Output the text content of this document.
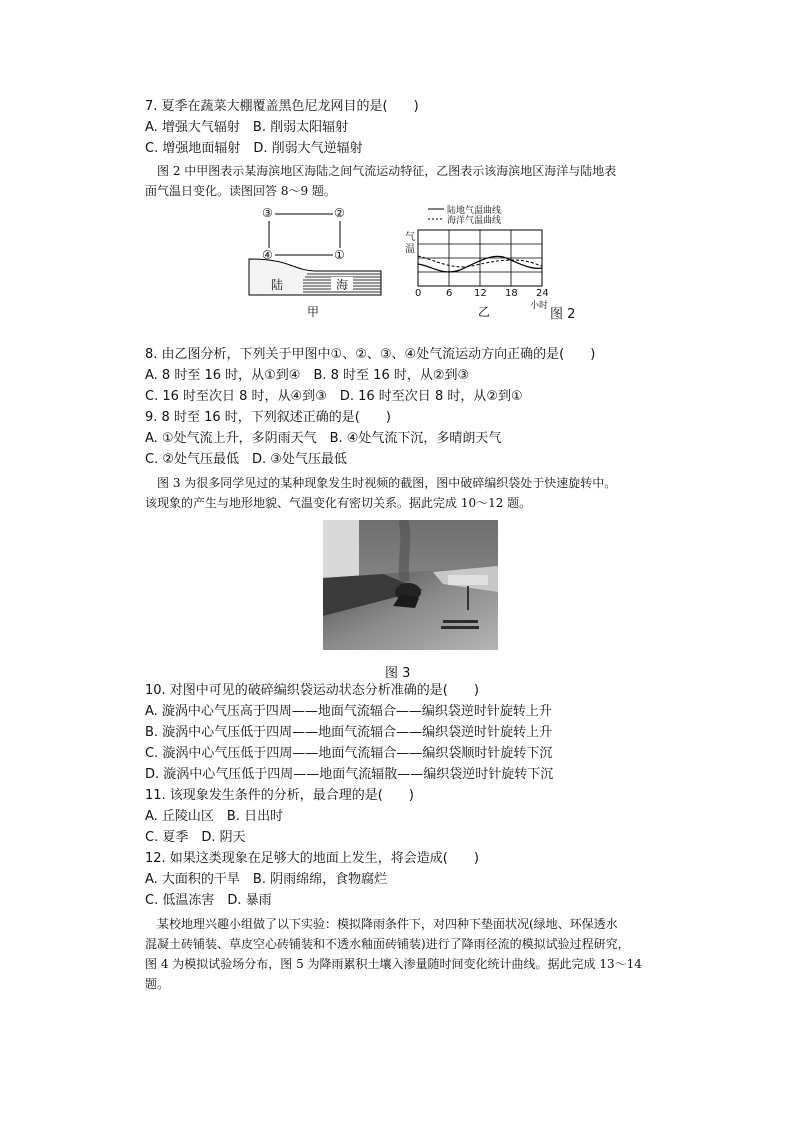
7. 夏季在蔬菜大棚覆盖黑色尼龙网目的是(　　)
A. 增强大气辐射　B. 削弱太阳辐射
C. 增强地面辐射　D. 削弱大气逆辐射
图 2 中甲图表示某海滨地区海陆之间气流运动特征，乙图表示该海滨地区海洋与陆地表
面气温日变化。读图回答 8～9 题。
③	②
④	①
陆	海
甲
陆地气温曲线
海洋气温曲线
气
温
0 6 12 18 24
小时
乙	图 2
8. 由乙图分析，下列关于甲图中①、②、③、④处气流运动方向正确的是(　　)
A. 8 时至 16 时，从①到④　B. 8 时至 16 时，从②到③
C. 16 时至次日 8 时，从④到③　D. 16 时至次日 8 时，从②到①
9. 8 时至 16 时，下列叙述正确的是(　　)
A. ①处气流上升，多阴雨天气　B. ④处气流下沉，多晴朗天气
C. ②处气压最低　D. ③处气压最低
图 3 为很多同学见过的某种现象发生时视频的截图，图中破碎编织袋处于快速旋转中。
该现象的产生与地形地貌、气温变化有密切关系。据此完成 10～12 题。
图 3
10. 对图中可见的破碎编织袋运动状态分析准确的是(　　)
A. 漩涡中心气压高于四周——地面气流辐合——编织袋逆时针旋转上升
B. 漩涡中心气压低于四周——地面气流辐合——编织袋逆时针旋转上升
C. 漩涡中心气压低于四周——地面气流辐合——编织袋顺时针旋转下沉
D. 漩涡中心气压低于四周——地面气流辐散——编织袋逆时针旋转下沉
11. 该现象发生条件的分析，最合理的是(　　)
A. 丘陵山区　B. 日出时
C. 夏季　D. 阴天
12. 如果这类现象在足够大的地面上发生，将会造成(　　)
A. 大面积的干旱　B. 阴雨绵绵，食物腐烂
C. 低温冻害　D. 暴雨
某校地理兴趣小组做了以下实验：模拟降雨条件下，对四种下垫面状况(绿地、环保透水
混凝土砖铺装、草皮空心砖铺装和不透水釉面砖铺装)进行了降雨径流的模拟试验过程研究，
图 4 为模拟试验场分布，图 5 为降雨累积土壤入渗量随时间变化统计曲线。据此完成 13～14
题。
